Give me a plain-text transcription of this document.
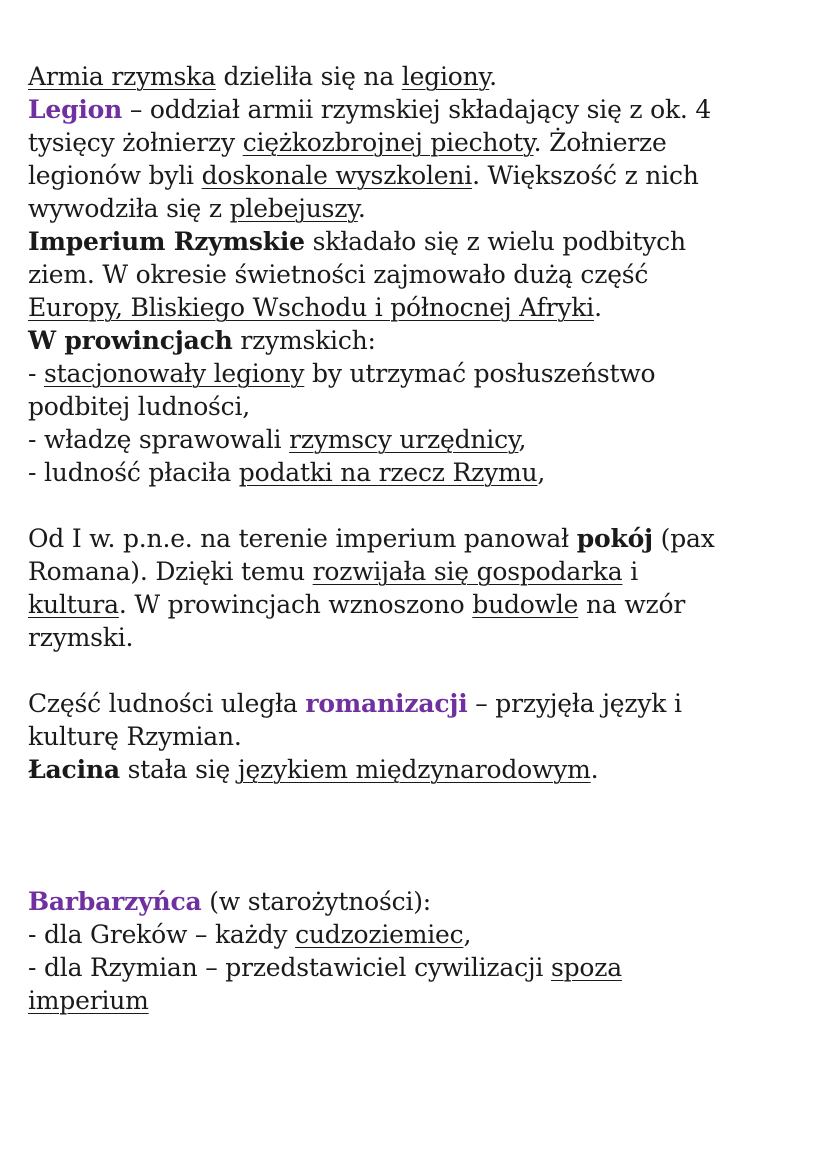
Armia rzymska dzieliła się na legiony.
Legion – oddział armii rzymskiej składający się z ok. 4
tysięcy żołnierzy ciężkozbrojnej piechoty. Żołnierze
legionów byli doskonale wyszkoleni. Większość z nich
wywodziła się z plebejuszy.
Imperium Rzymskie składało się z wielu podbitych
ziem. W okresie świetności zajmowało dużą część
Europy, Bliskiego Wschodu i północnej Afryki.
W prowincjach rzymskich:
- stacjonowały legiony by utrzymać posłuszeństwo
podbitej ludności,
- władzę sprawowali rzymscy urzędnicy,
- ludność płaciła podatki na rzecz Rzymu,
Od I w. p.n.e. na terenie imperium panował pokój (pax
Romana). Dzięki temu rozwijała się gospodarka i
kultura. W prowincjach wznoszono budowle na wzór
rzymski.
Część ludności uległa romanizacji – przyjęła język i
kulturę Rzymian.
Łacina stała się językiem międzynarodowym.
Barbarzyńca (w starożytności):
- dla Greków – każdy cudzoziemiec,
- dla Rzymian – przedstawiciel cywilizacji spoza
imperium
